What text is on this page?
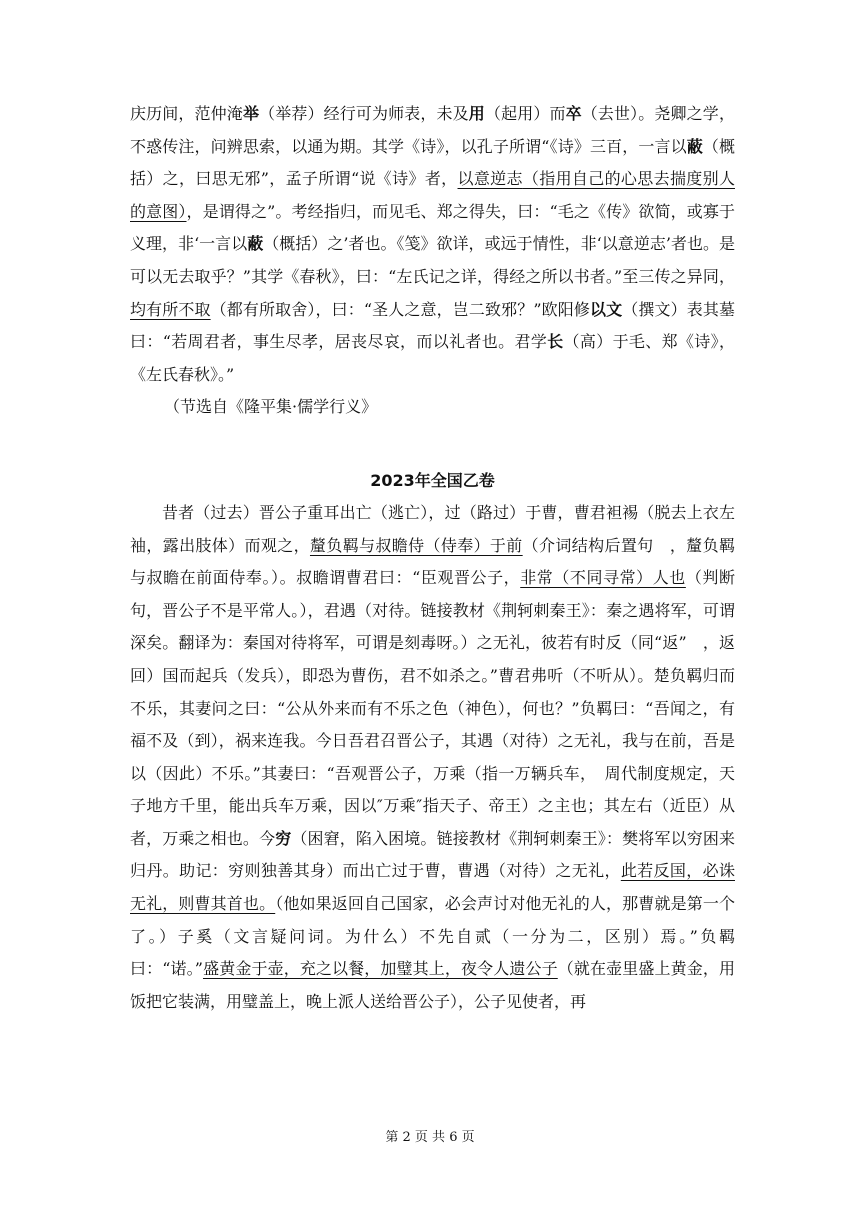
庆历间，范仲淹举（举荐）经行可为师表，未及用（起用）而卒（去世）。尧卿之学，不惑传注，问辨思索，以通为期。其学《诗》，以孔子所谓“《诗》三百，一言以蔽（概括）之，曰思无邪”，孟子所谓“说《诗》者，以意逆志（指用自己的心思去揣度别人的意图），是谓得之”。考经指归，而见毛、郑之得失，曰：“毛之《传》欲简，或寡于义理，非‘一言以蔽（概括）之’者也。《笺》欲详，或远于情性，非‘以意逆志’者也。是可以无去取乎？”其学《春秋》，曰：“左氏记之详，得经之所以书者。”至三传之异同，均有所不取（都有所取舍），曰：“圣人之意，岂二致邪？”欧阳修以文（撰文）表其墓曰：“若周君者，事生尽孝，居丧尽哀，而以礼者也。君学长（高）于毛、郑《诗》，《左氏春秋》。”

（节选自《隆平集·儒学行义》

2023年全国乙卷

昔者（过去）晋公子重耳出亡（逃亡），过（路过）于曹，曹君袒裼（脱去上衣左袖，露出肢体）而观之，釐负羁与叔瞻侍（侍奉）于前（介词结构后置句　，釐负羁与叔瞻在前面侍奉。）。叔瞻谓曹君曰：“臣观晋公子，非常（不同寻常）人也（判断句，晋公子不是平常人。），君遇（对待。链接教材《荆轲刺秦王》：秦之遇将军，可谓深矣。翻译为：秦国对待将军，可谓是刻毒呀。）之无礼，彼若有时反（同“返”　，返回）国而起兵（发兵），即恐为曹伤，君不如杀之。”曹君弗听（不听从）。楚负羁归而不乐，其妻问之曰：“公从外来而有不乐之色（神色），何也？”负羁曰：“吾闻之，有福不及（到），祸来连我。今日吾君召晋公子，其遇（对待）之无礼，我与在前，吾是以（因此）不乐。”其妻曰：“吾观晋公子，万乘（指一万辆兵车，　周代制度规定，天子地方千里，能出兵车万乘，因以″万乘″指天子、帝王）之主也；其左右（近臣）从者，万乘之相也。今穷（困窘，陷入困境。链接教材《荆轲刺秦王》：樊将军以穷困来归丹。助记：穷则独善其身）而出亡过于曹，曹遇（对待）之无礼，此若反国，必诛无礼，则曹其首也。（他如果返回自己国家，必会声讨对他无礼的人，那曹就是第一个了。）子奚（文言疑问词。为什么）不先自贰（一分为二，区别）焉。”负羁曰：“诺。”盛黄金于壶，充之以餐，加璧其上，夜令人遗公子（就在壶里盛上黄金，用饭把它装满，用璧盖上，晚上派人送给晋公子），公子见使者，再

第 2 页 共 6 页
